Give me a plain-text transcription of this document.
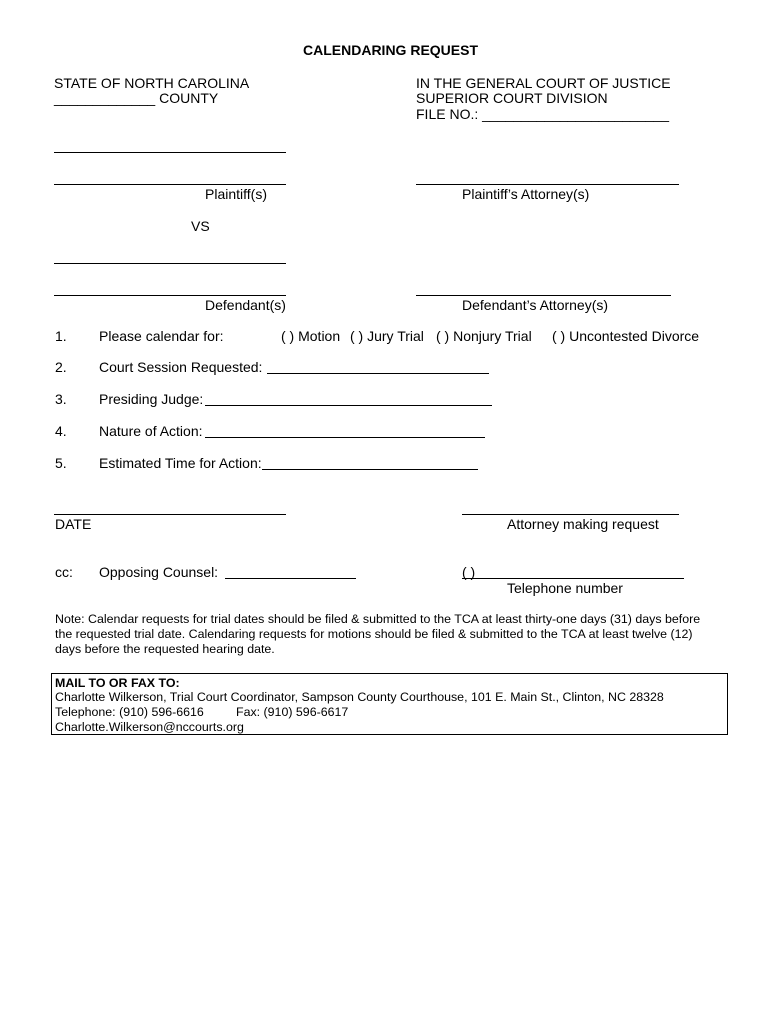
CALENDARING REQUEST
STATE OF NORTH CAROLINA
_____________ COUNTY
IN THE GENERAL COURT OF JUSTICE
SUPERIOR COURT DIVISION
FILE NO.: ________________________
Plaintiff(s)	Plaintiff’s Attorney(s)
VS
Defendant(s)	Defendant’s Attorney(s)
1. Please calendar for:	( ) Motion ( ) Jury Trial ( ) Nonjury Trial ( ) Uncontested Divorce
2. Court Session Requested:
3. Presiding Judge:
4. Nature of Action:
5. Estimated Time for Action:
DATE	Attorney making request
cc: Opposing Counsel:	( )
Telephone number
Note: Calendar requests for trial dates should be filed & submitted to the TCA at least thirty-one days (31) days before
the requested trial date. Calendaring requests for motions should be filed & submitted to the TCA at least twelve (12)
days before the requested hearing date.
MAIL TO OR FAX TO:
Charlotte Wilkerson, Trial Court Coordinator, Sampson County Courthouse, 101 E. Main St., Clinton, NC 28328
Telephone: (910) 596-6616	Fax: (910) 596-6617
Charlotte.Wilkerson@nccourts.org
